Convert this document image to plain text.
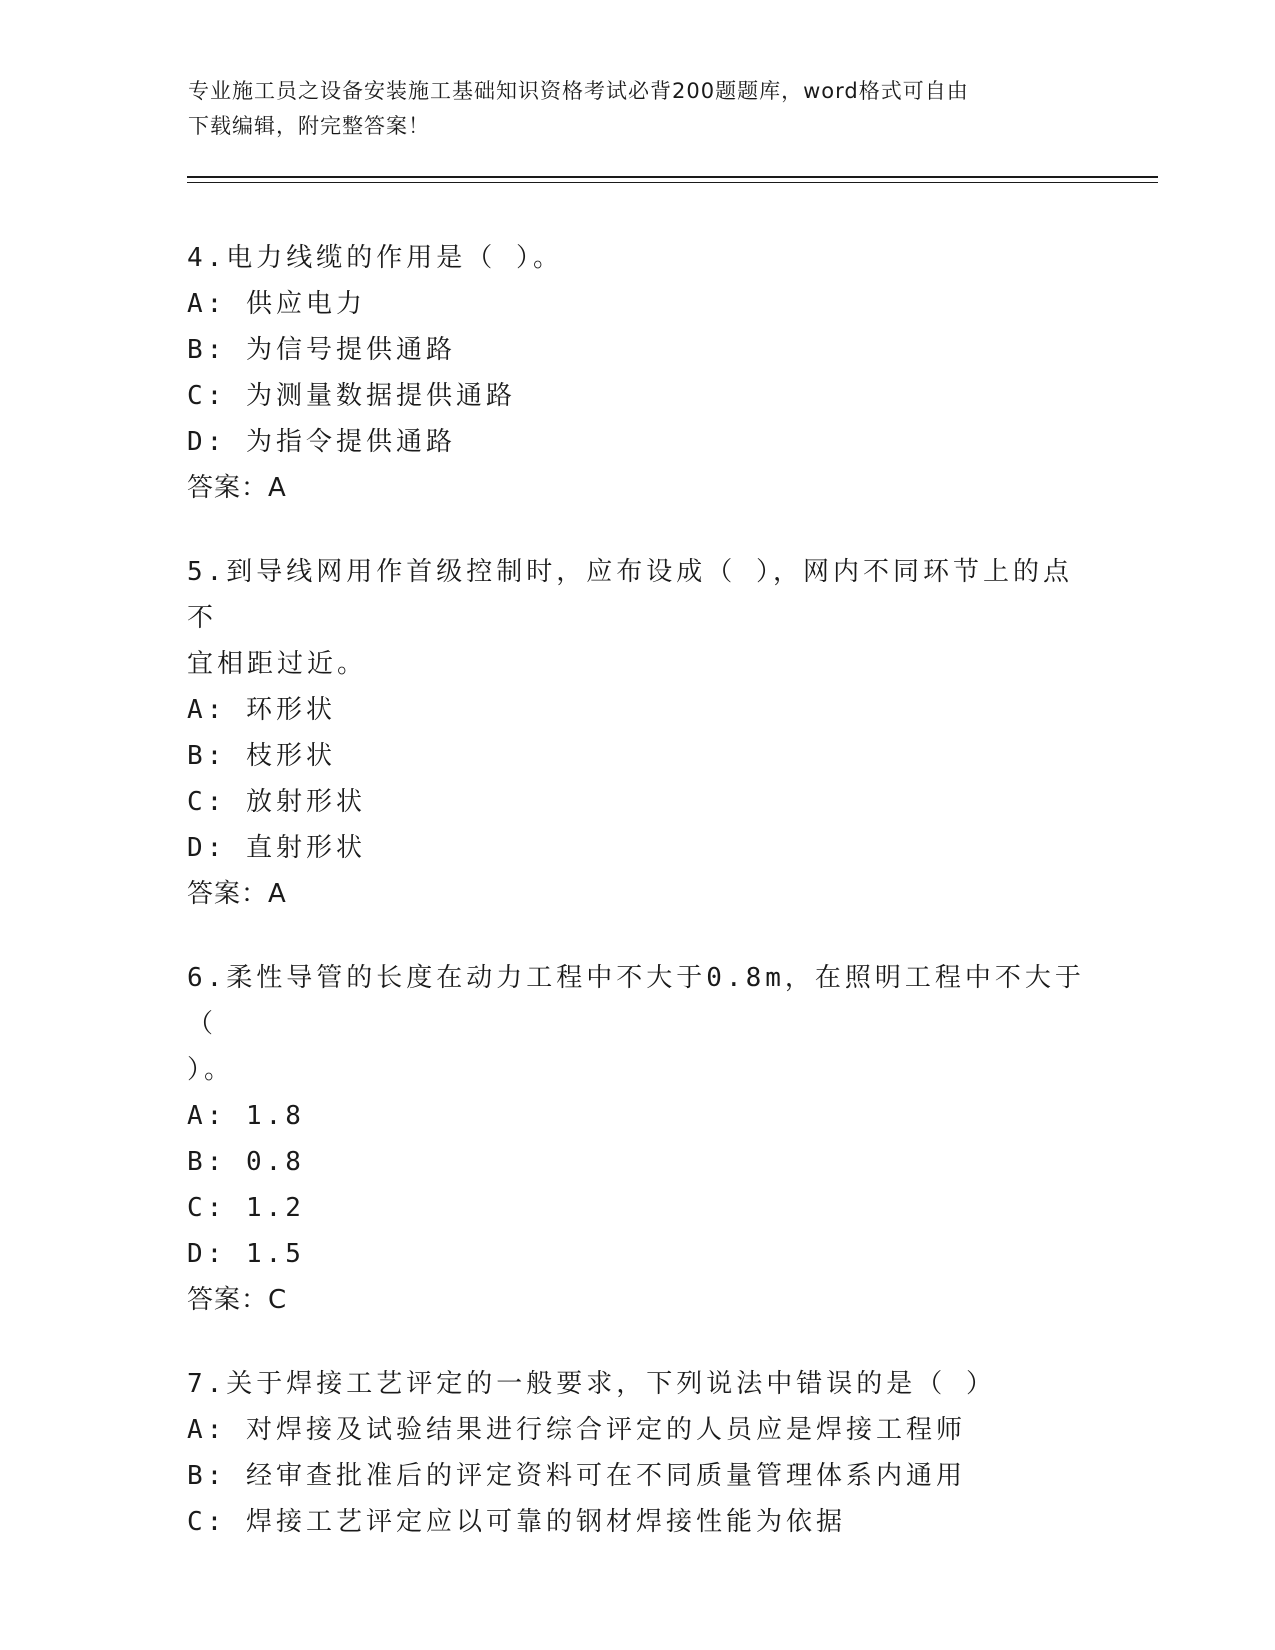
专业施工员之设备安装施工基础知识资格考试必背200题题库，word格式可自由
下载编辑，附完整答案！
4.电力线缆的作用是（ ）。
A: 供应电力
B: 为信号提供通路
C: 为测量数据提供通路
D: 为指令提供通路
答案：A
5.到导线网用作首级控制时，应布设成（ ），网内不同环节上的点不
宜相距过近。
A: 环形状
B: 枝形状
C: 放射形状
D: 直射形状
答案：A
6.柔性导管的长度在动力工程中不大于0.8m，在照明工程中不大于（
）。
A: 1.8
B: 0.8
C: 1.2
D: 1.5
答案：C
7.关于焊接工艺评定的一般要求，下列说法中错误的是（ ）
A: 对焊接及试验结果进行综合评定的人员应是焊接工程师
B: 经审查批准后的评定资料可在不同质量管理体系内通用
C: 焊接工艺评定应以可靠的钢材焊接性能为依据
